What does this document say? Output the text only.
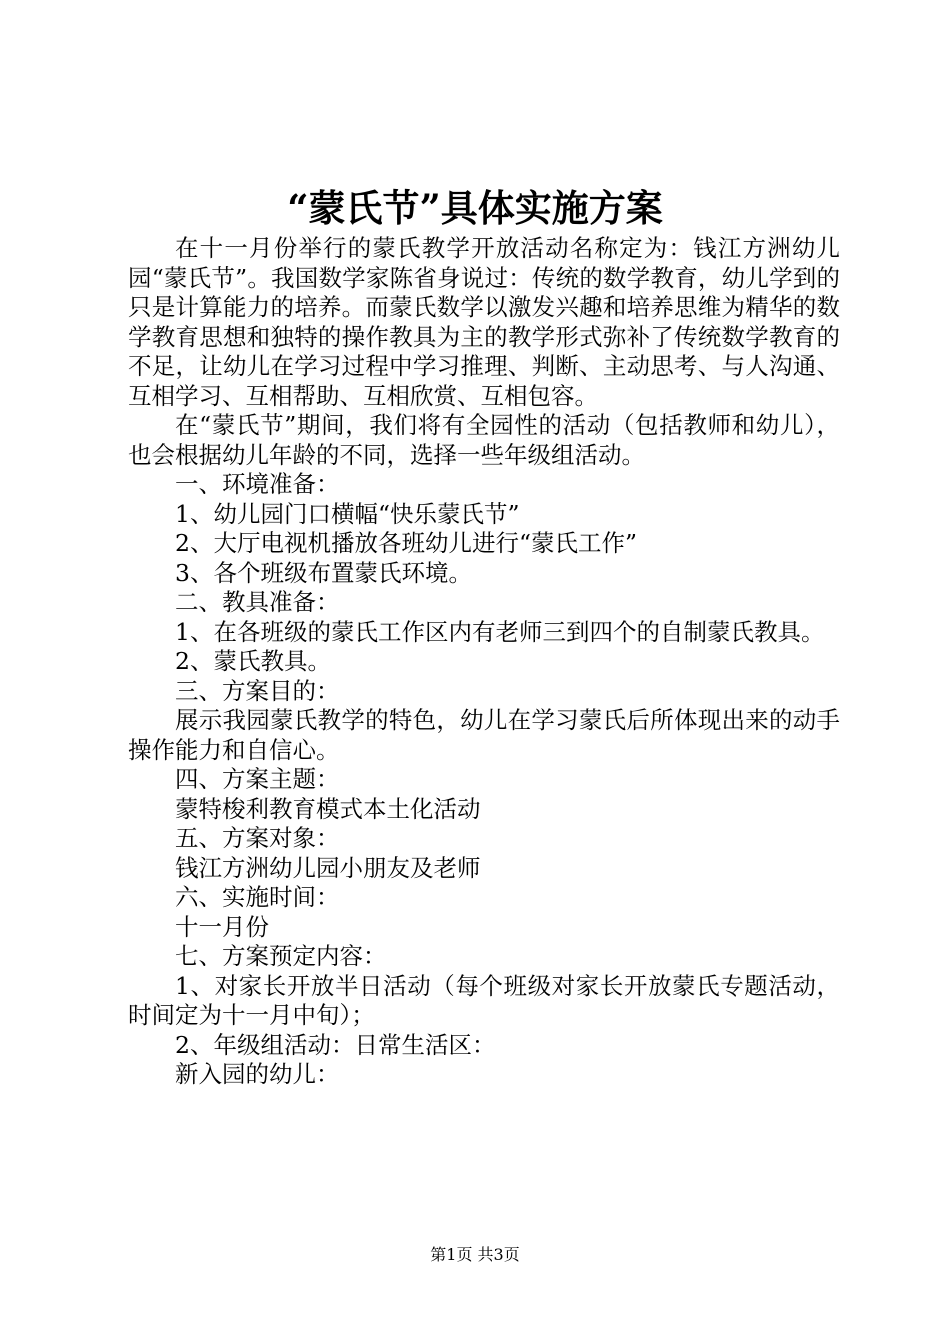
“蒙氏节”具体实施方案

在十一月份举行的蒙氏教学开放活动名称定为：钱江方洲幼儿园“蒙氏节”。我国数学家陈省身说过：传统的数学教育，幼儿学到的只是计算能力的培养。而蒙氏数学以激发兴趣和培养思维为精华的数学教育思想和独特的操作教具为主的教学形式弥补了传统数学教育的不足，让幼儿在学习过程中学习推理、判断、主动思考、与人沟通、互相学习、互相帮助、互相欣赏、互相包容。

在“蒙氏节”期间，我们将有全园性的活动（包括教师和幼儿），也会根据幼儿年龄的不同，选择一些年级组活动。

一、环境准备：

1、幼儿园门口横幅“快乐蒙氏节”

2、大厅电视机播放各班幼儿进行“蒙氏工作”

3、各个班级布置蒙氏环境。

二、教具准备：

1、在各班级的蒙氏工作区内有老师三到四个的自制蒙氏教具。

2、蒙氏教具。

三、方案目的：

展示我园蒙氏教学的特色，幼儿在学习蒙氏后所体现出来的动手操作能力和自信心。

四、方案主题：

蒙特梭利教育模式本土化活动

五、方案对象：

钱江方洲幼儿园小朋友及老师

六、实施时间：

十一月份

七、方案预定内容：

1、对家长开放半日活动（每个班级对家长开放蒙氏专题活动，时间定为十一月中旬）；

2、年级组活动：日常生活区：

新入园的幼儿：

第1页 共3页
